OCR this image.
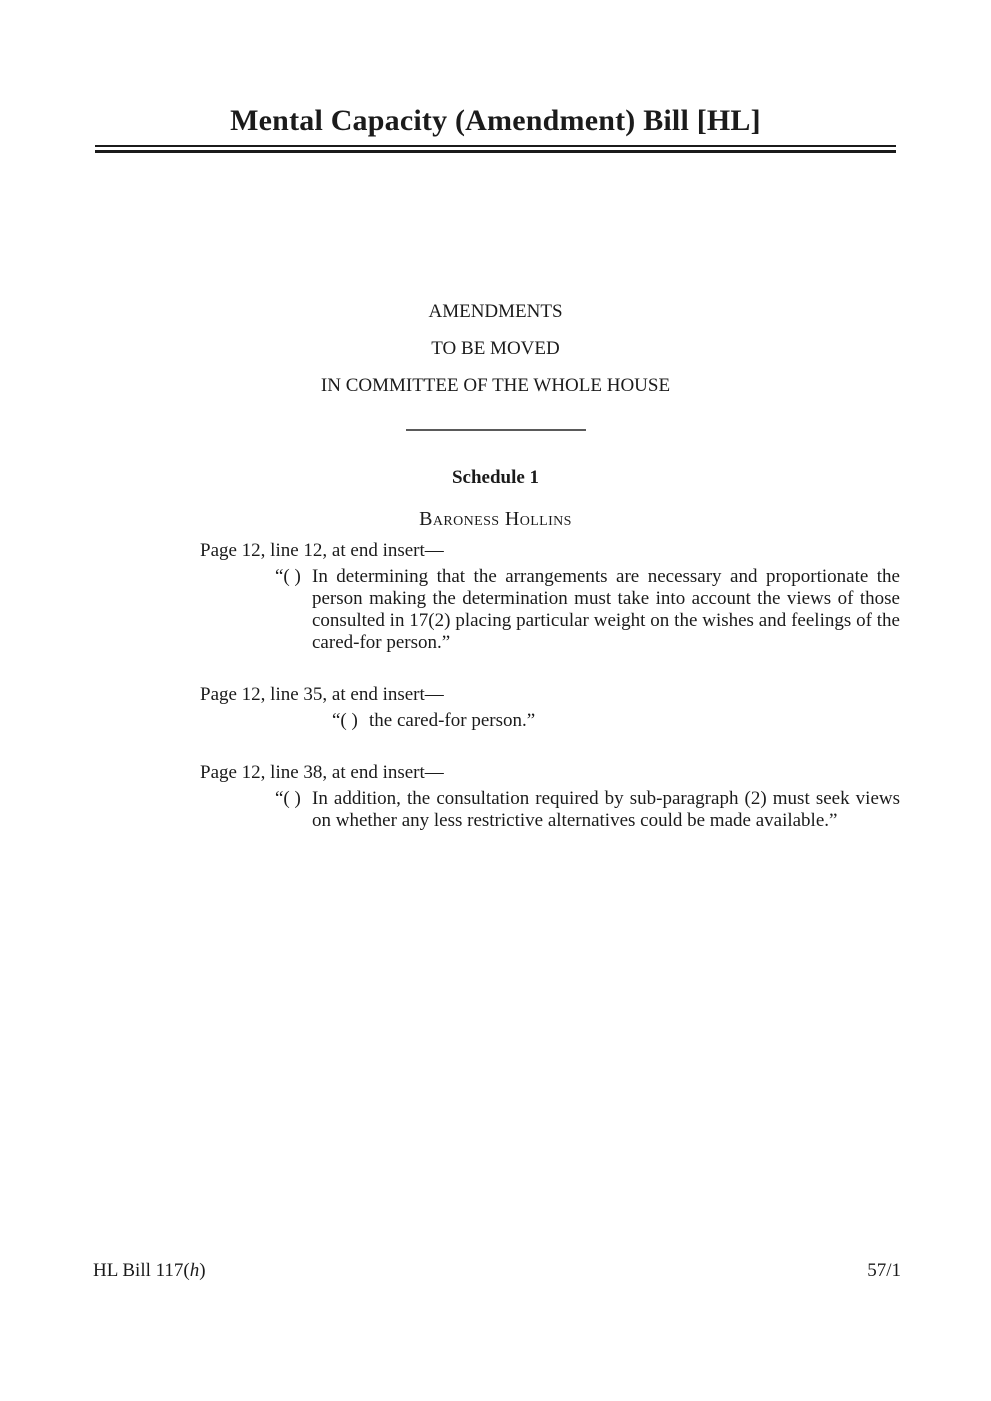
Mental Capacity (Amendment) Bill [HL]

AMENDMENTS

TO BE MOVED

IN COMMITTEE OF THE WHOLE HOUSE

Schedule 1

Baroness Hollins

Page 12, line 12, at end insert—

“( ) In determining that the arrangements are necessary and proportionate the person making the determination must take into account the views of those consulted in 17(2) placing particular weight on the wishes and feelings of the cared-for person.”

Page 12, line 35, at end insert—

“( ) the cared-for person.”

Page 12, line 38, at end insert—

“( ) In addition, the consultation required by sub-paragraph (2) must seek views on whether any less restrictive alternatives could be made available.”
HL Bill 117(h)	57/1
